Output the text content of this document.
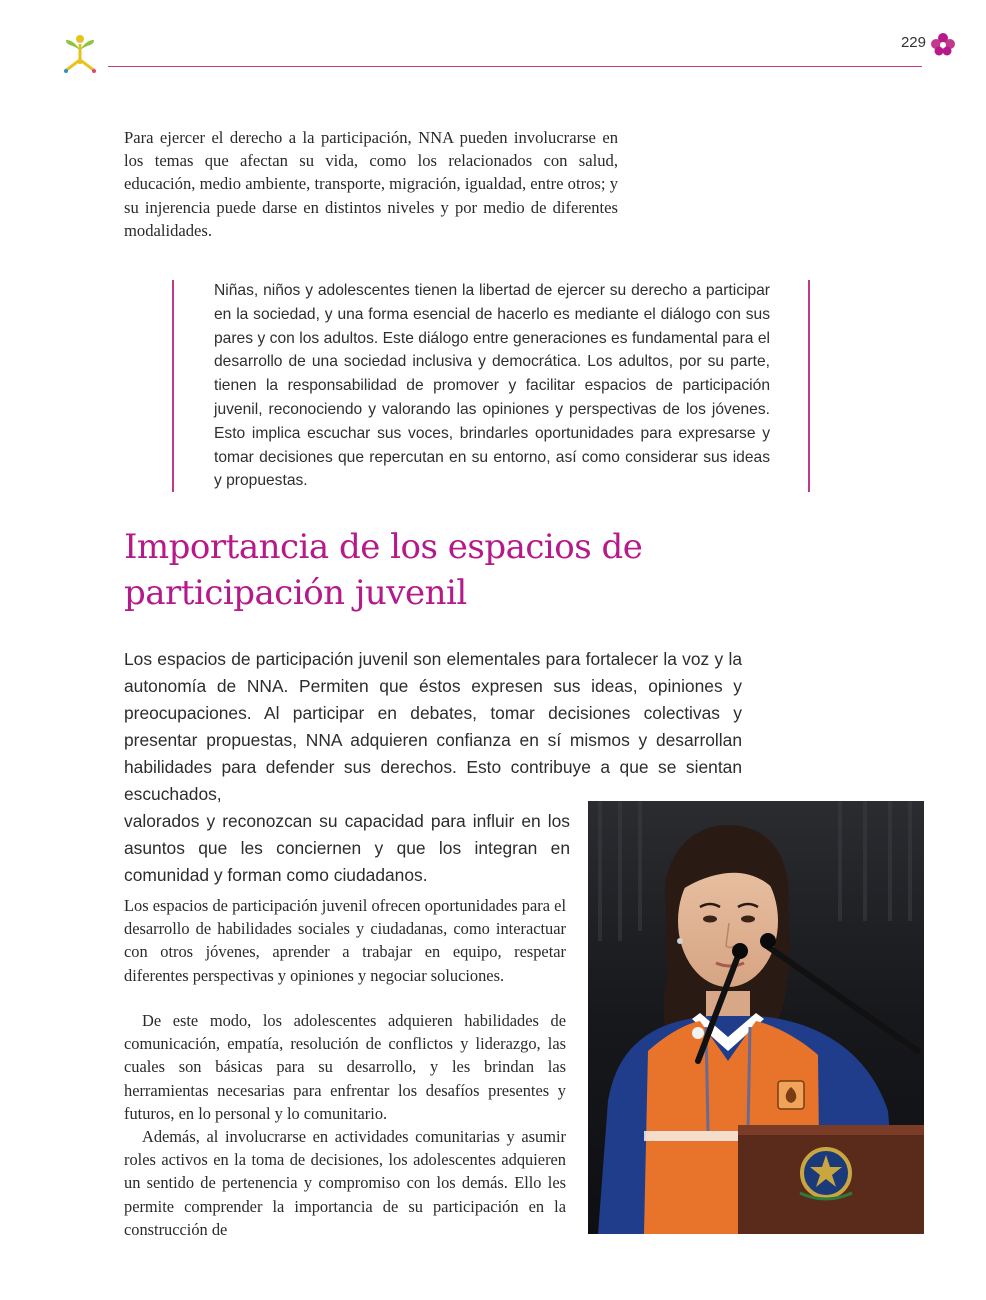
229

Para ejercer el derecho a la participación, NNA pueden involucrarse en los temas que afectan su vida, como los relacionados con salud, educación, medio ambiente, transporte, migración, igualdad, entre otros; y su injerencia puede darse en distintos niveles y por medio de diferentes modalidades.

Niñas, niños y adolescentes tienen la libertad de ejercer su derecho a participar en la sociedad, y una forma esencial de hacerlo es mediante el diálogo con sus pares y con los adultos. Este diálogo entre generaciones es fundamental para el desarrollo de una sociedad inclusiva y democrática. Los adultos, por su parte, tienen la responsabilidad de promover y facilitar espacios de participación juvenil, reconociendo y valorando las opiniones y perspectivas de los jóvenes. Esto implica escuchar sus voces, brindarles oportunidades para expresarse y tomar decisiones que repercutan en su entorno, así como considerar sus ideas y propuestas.

Importancia de los espacios de participación juvenil
Los espacios de participación juvenil son elementales para fortalecer la voz y la autonomía de NNA. Permiten que éstos expresen sus ideas, opiniones y preocupaciones. Al participar en debates, tomar decisiones colectivas y presentar propuestas, NNA adquieren confianza en sí mismos y desarrollan habilidades para defender sus derechos. Esto contribuye a que se sientan escuchados,
valorados y reconozcan su capacidad para influir en los asuntos que les conciernen y que los integran en comunidad y forman como ciudadanos.

Los espacios de participación juvenil ofrecen oportunidades para el desarrollo de habilidades sociales y ciudadanas, como interactuar con otros jóvenes, aprender a trabajar en equipo, respetar diferentes perspectivas y opiniones y negociar soluciones.

De este modo, los adolescentes adquieren habilidades de comunicación, empatía, resolución de conflictos y liderazgo, las cuales son básicas para su desarrollo, y les brindan las herramientas necesarias para enfrentar los desafíos presentes y futuros, en lo personal y lo comunitario.

Además, al involucrarse en actividades comunitarias y asumir roles activos en la toma de decisiones, los adolescentes adquieren un sentido de pertenencia y compromiso con los demás. Ello les permite comprender la importancia de su participación en la construcción de
